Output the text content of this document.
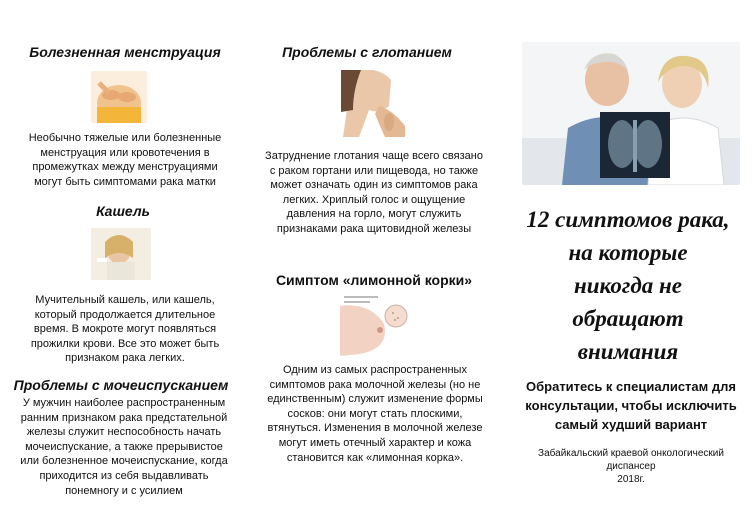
Болезненная менструация
Необычно тяжелые или болезненные
менструация или кровотечения в
промежутках между менструациями
могут быть симптомами рака матки
Кашель
Мучительный кашель, или кашель,
который продолжается длительное
время. В мокроте могут появляться
прожилки крови. Все это может быть
признаком рака легких.
Проблемы с мочеиспусканием
У мужчин наиболее распространенным
ранним признаком рака предстательной
железы служит неспособность начать
мочеиспускание, а также прерывистое
или болезненное мочеиспускание, когда
приходится из себя выдавливать
понемногу и с усилием
Проблемы с глотанием
Затруднение глотания чаще всего связано
с раком гортани или пищевода, но также
может означать один из симптомов рака
легких. Хриплый голос и ощущение
давления на горло, могут служить
признаками рака щитовидной железы
Симптом «лимонной корки»
Одним из самых распространенных
симптомов рака молочной железы (но не
единственным) служит изменение формы
сосков: они могут стать плоскими,
втянуться. Изменения в молочной железе
могут иметь отечный характер и кожа
становится как «лимонная корка».
12 симптомов рака,
на которые
никогда не
обращают
внимания
Обратитесь к специалистам для
консультации, чтобы исключить
самый худший вариант
Забайкальский краевой онкологический
диспансер
2018г.
